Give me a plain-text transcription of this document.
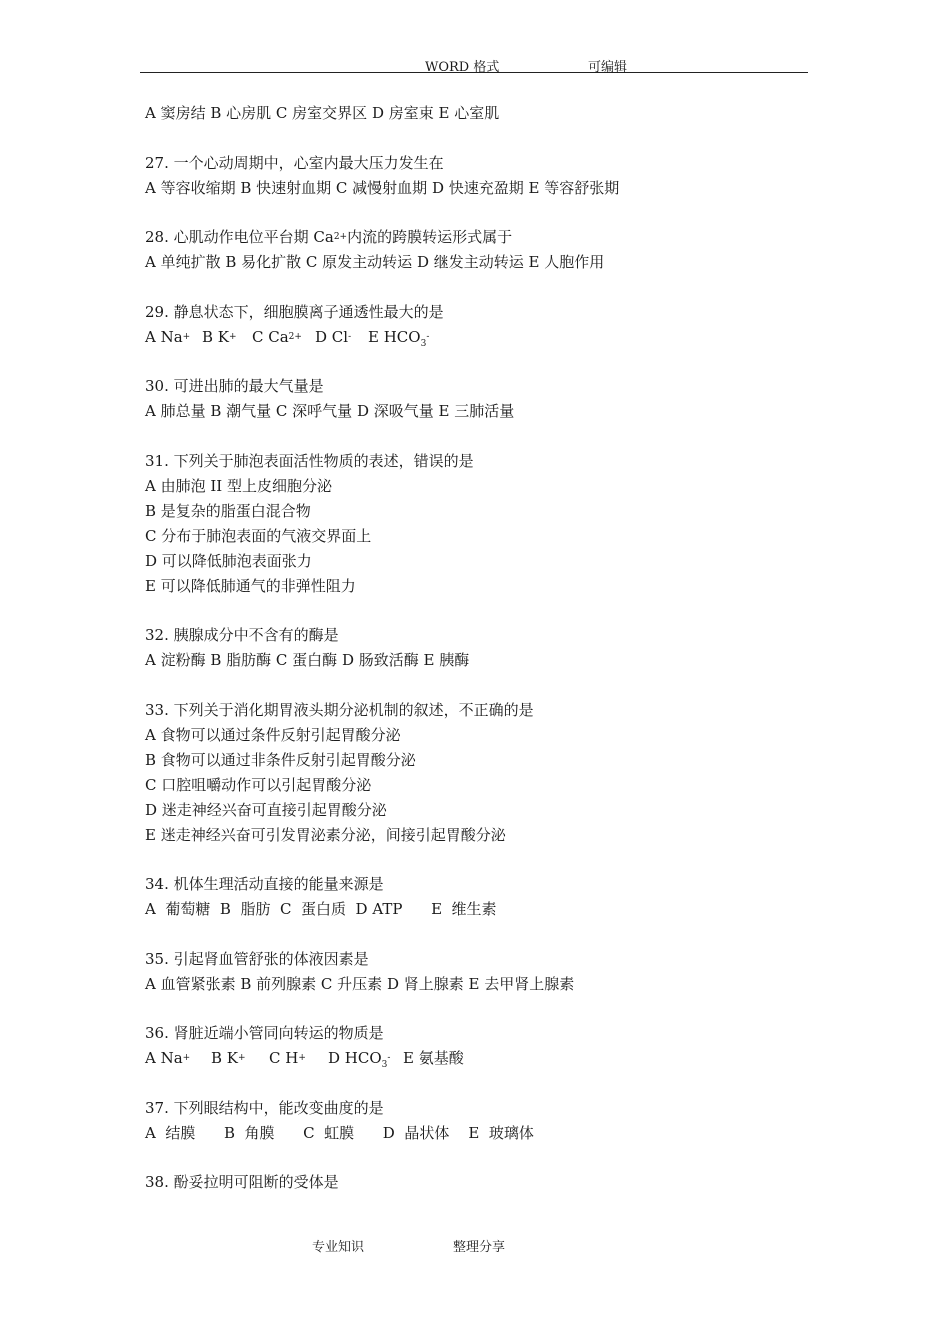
WORD 格式	可编辑
A 窦房结 B 心房肌 C 房室交界区 D 房室束 E 心室肌
27. 一个心动周期中，心室内最大压力发生在
A 等容收缩期 B 快速射血期 C 减慢射血期 D 快速充盈期 E 等容舒张期
28. 心肌动作电位平台期 $Ca^{2+}$内流的跨膜转运形式属于
A 单纯扩散 B 易化扩散 C 原发主动转运 D 继发主动转运 E 人胞作用
29. 静息状态下，细胞膜离子通透性最大的是
A Na+ B K+ C $Ca^{2+}$ D Cl- E $HCO_3^-$
30. 可进出肺的最大气量是
A 肺总量 B 潮气量 C 深呼气量 D 深吸气量 E 三肺活量
31. 下列关于肺泡表面活性物质的表述，错误的是
A 由肺泡 II 型上皮细胞分泌
B 是复杂的脂蛋白混合物
C 分布于肺泡表面的气液交界面上
D 可以降低肺泡表面张力
E 可以降低肺通气的非弹性阻力
32. 胰腺成分中不含有的酶是
A 淀粉酶 B 脂肪酶 C 蛋白酶 D 肠致活酶 E 胰酶
33. 下列关于消化期胃液头期分泌机制的叙述，不正确的是
A 食物可以通过条件反射引起胃酸分泌
B 食物可以通过非条件反射引起胃酸分泌
C 口腔咀嚼动作可以引起胃酸分泌
D 迷走神经兴奋可直接引起胃酸分泌
E 迷走神经兴奋可引发胃泌素分泌，间接引起胃酸分泌
34. 机体生理活动直接的能量来源是
A  葡萄糖  B  脂肪  C  蛋白质  D ATP      E  维生素
35. 引起肾血管舒张的体液因素是
A 血管紧张素 B 前列腺素 C 升压素 D 肾上腺素 E 去甲肾上腺素
36. 肾脏近端小管同向转运的物质是
A Na+ B K+ C H+ D $HCO_3^-$ E 氨基酸
37. 下列眼结构中，能改变曲度的是
A  结膜      B  角膜      C  虹膜      D  晶状体    E  玻璃体
38. 酚妥拉明可阻断的受体是
专业知识	整理分享
